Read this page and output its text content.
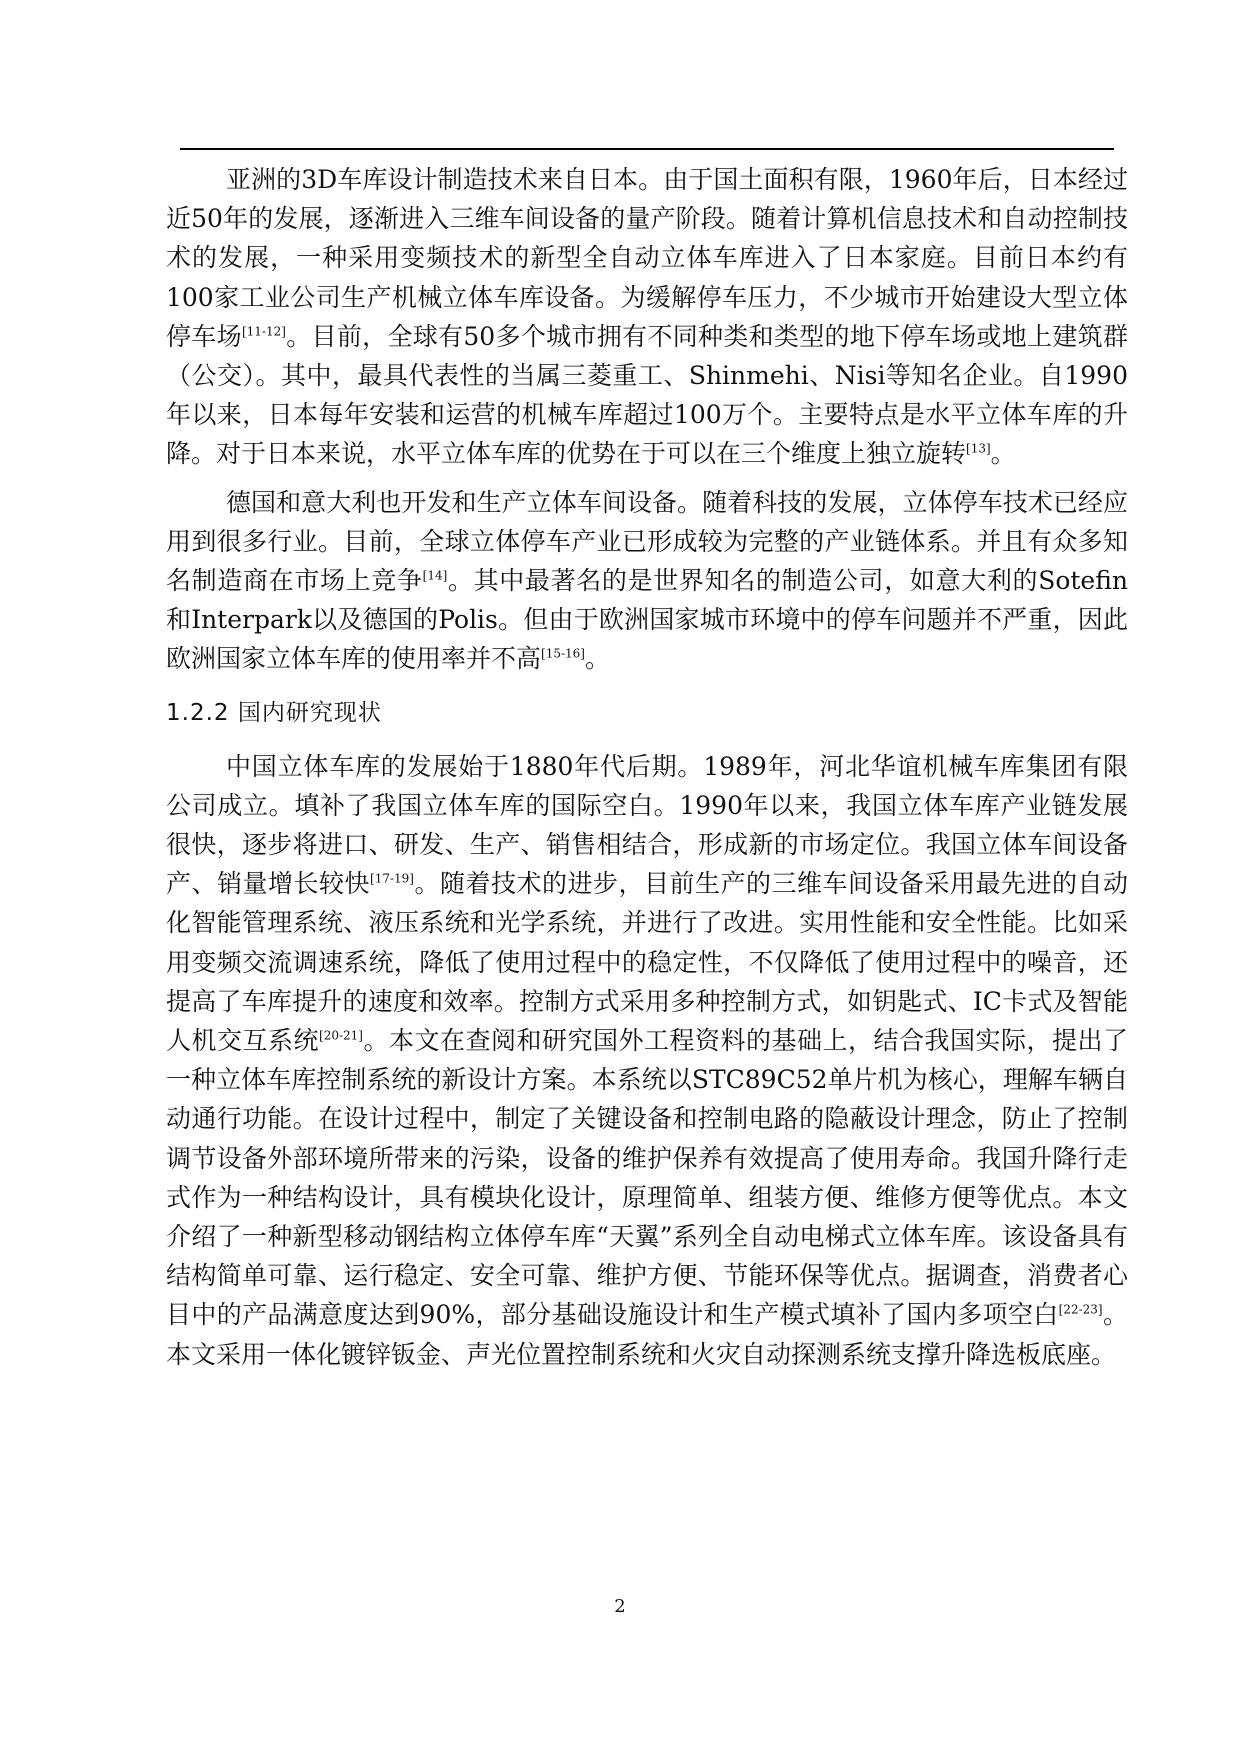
亚洲的3D车库设计制造技术来自日本。由于国土面积有限，1960年后，日本经过近50年的发展，逐渐进入三维车间设备的量产阶段。随着计算机信息技术和自动控制技术的发展，一种采用变频技术的新型全自动立体车库进入了日本家庭。目前日本约有100家工业公司生产机械立体车库设备。为缓解停车压力，不少城市开始建设大型立体停车场[11-12]。目前，全球有50多个城市拥有不同种类和类型的地下停车场或地上建筑群（公交）。其中，最具代表性的当属三菱重工、Shinmehi、Nisi等知名企业。自1990年以来，日本每年安装和运营的机械车库超过100万个。主要特点是水平立体车库的升降。对于日本来说，水平立体车库的优势在于可以在三个维度上独立旋转[13]。

德国和意大利也开发和生产立体车间设备。随着科技的发展，立体停车技术已经应用到很多行业。目前，全球立体停车产业已形成较为完整的产业链体系。并且有众多知名制造商在市场上竞争[14]。其中最著名的是世界知名的制造公司，如意大利的Sotefin和Interpark以及德国的Polis。但由于欧洲国家城市环境中的停车问题并不严重，因此欧洲国家立体车库的使用率并不高[15-16]。

1.2.2 国内研究现状

中国立体车库的发展始于1880年代后期。1989年，河北华谊机械车库集团有限公司成立。填补了我国立体车库的国际空白。1990年以来，我国立体车库产业链发展很快，逐步将进口、研发、生产、销售相结合，形成新的市场定位。我国立体车间设备产、销量增长较快[17-19]。随着技术的进步，目前生产的三维车间设备采用最先进的自动化智能管理系统、液压系统和光学系统，并进行了改进。实用性能和安全性能。比如采用变频交流调速系统，降低了使用过程中的稳定性，不仅降低了使用过程中的噪音，还提高了车库提升的速度和效率。控制方式采用多种控制方式，如钥匙式、IC卡式及智能人机交互系统[20-21]。本文在查阅和研究国外工程资料的基础上，结合我国实际，提出了一种立体车库控制系统的新设计方案。本系统以STC89C52单片机为核心，理解车辆自动通行功能。在设计过程中，制定了关键设备和控制电路的隐蔽设计理念，防止了控制调节设备外部环境所带来的污染，设备的维护保养有效提高了使用寿命。我国升降行走式作为一种结构设计，具有模块化设计，原理简单、组装方便、维修方便等优点。本文介绍了一种新型移动钢结构立体停车库“天翼”系列全自动电梯式立体车库。该设备具有结构简单可靠、运行稳定、安全可靠、维护方便、节能环保等优点。据调查，消费者心目中的产品满意度达到90%，部分基础设施设计和生产模式填补了国内多项空白[22-23]。本文采用一体化镀锌钣金、声光位置控制系统和火灾自动探测系统支撑升降选板底座。

2
